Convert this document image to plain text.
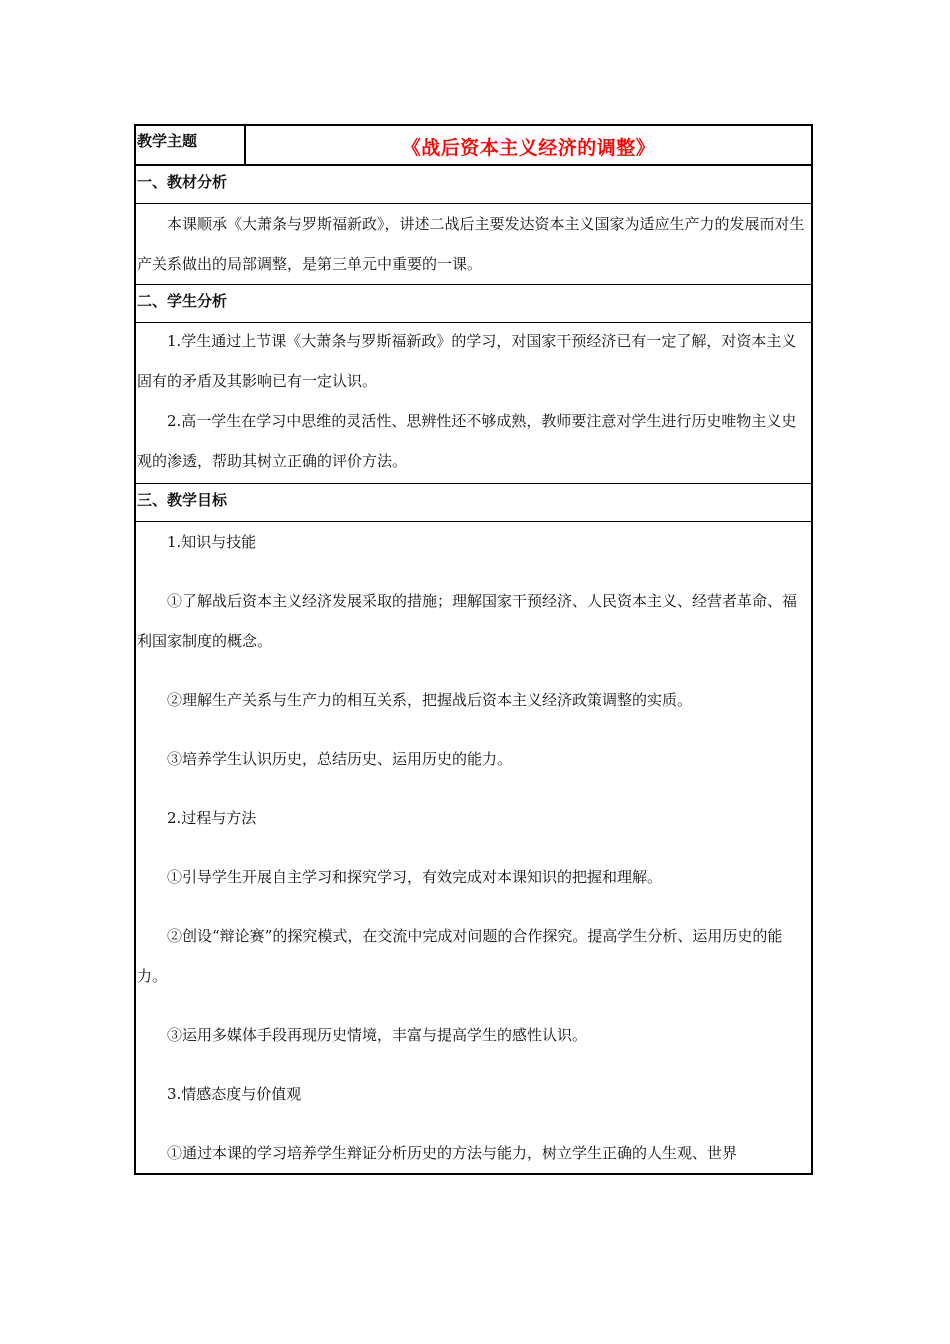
教学主题	《战后资本主义经济的调整》
一、教材分析

本课顺承《大萧条与罗斯福新政》，讲述二战后主要发达资本主义国家为适应生产力的发展而对生产关系做出的局部调整，是第三单元中重要的一课。

二、学生分析

1.学生通过上节课《大萧条与罗斯福新政》的学习，对国家干预经济已有一定了解，对资本主义固有的矛盾及其影响已有一定认识。

2.高一学生在学习中思维的灵活性、思辨性还不够成熟，教师要注意对学生进行历史唯物主义史观的渗透，帮助其树立正确的评价方法。

三、教学目标

1.知识与技能

①了解战后资本主义经济发展采取的措施；理解国家干预经济、人民资本主义、经营者革命、福利国家制度的概念。

②理解生产关系与生产力的相互关系，把握战后资本主义经济政策调整的实质。

③培养学生认识历史，总结历史、运用历史的能力。

2.过程与方法

①引导学生开展自主学习和探究学习，有效完成对本课知识的把握和理解。

②创设“辩论赛”的探究模式，在交流中完成对问题的合作探究。提高学生分析、运用历史的能力。

③运用多媒体手段再现历史情境，丰富与提高学生的感性认识。

3.情感态度与价值观

①通过本课的学习培养学生辩证分析历史的方法与能力，树立学生正确的人生观、世界
